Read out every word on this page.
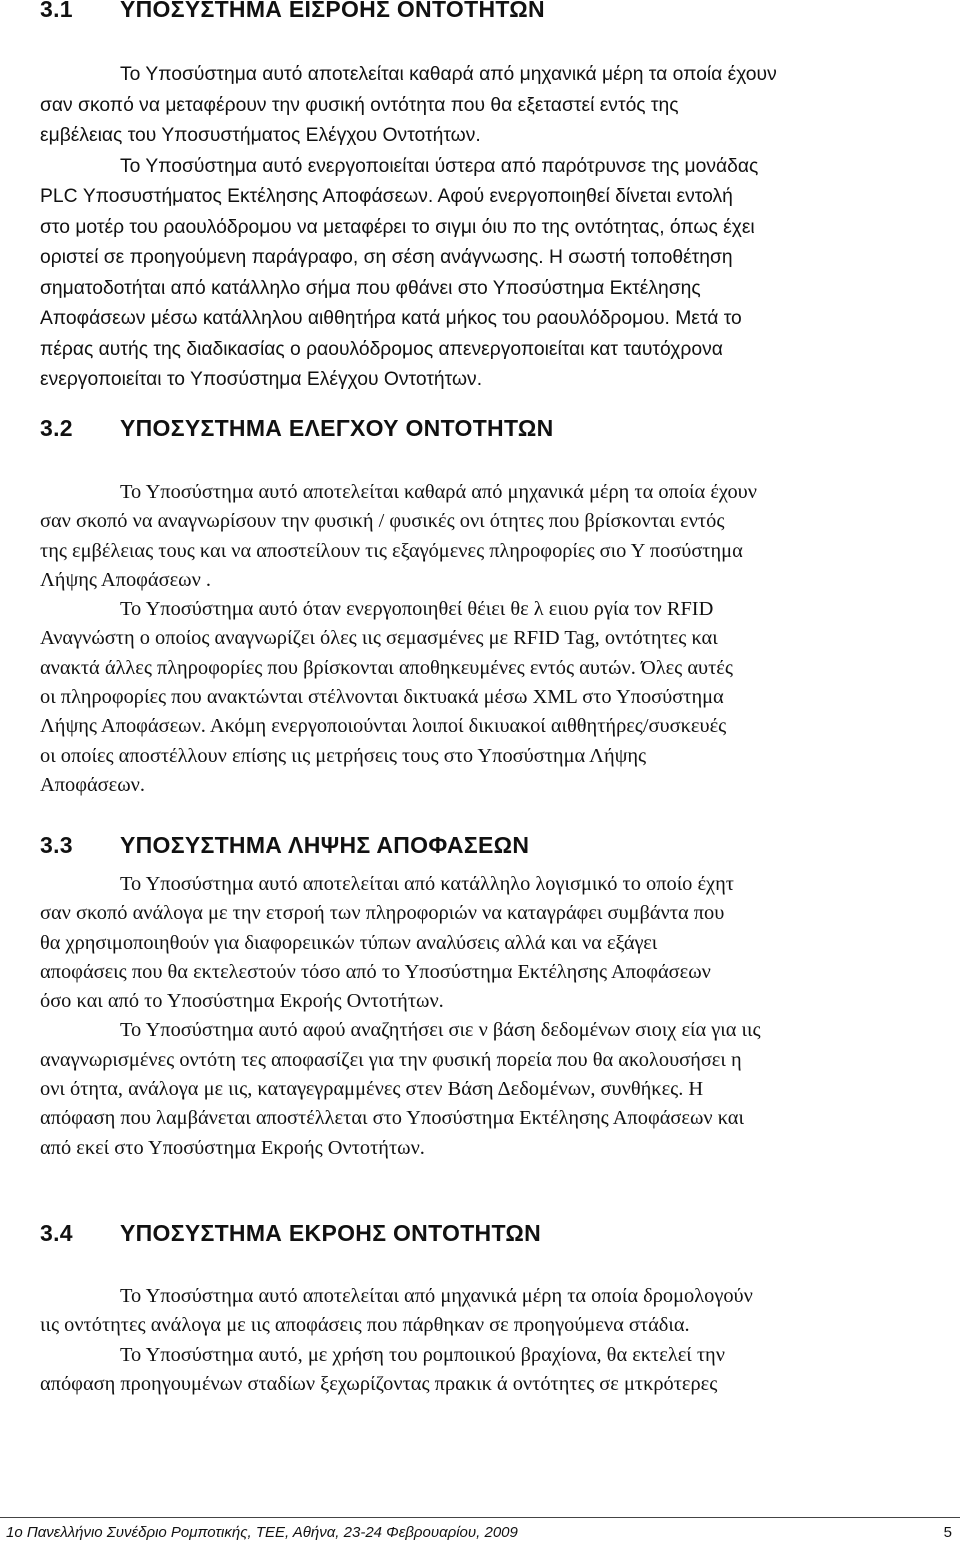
3.1 ΥΠΟΣΥΣΤΗΜΑ ΕΙΣΡΟΗΣ ΟΝΤΟΤΗΤΩΝ
Το Υποσύστημα αυτό αποτελείται καθαρά από μηχανικά μέρη τα οποία έχουν
σαν σκοπό να μεταφέρουν την φυσική οντότητα που θα εξεταστεί εντός της
εμβέλειας του Υποσυστήματος Ελέγχου Οντοτήτων.
Το Υποσύστημα αυτό ενεργοποιείται ύστερα από παρότρυνσε της μονάδας
PLC Υποσυστήματος Εκτέλησης Αποφάσεων. Αφού ενεργοποιηθεί δίνεται εντολή
στο μοτέρ του ραουλόδρομου να μεταφέρει το σιγμι όιυ πο της οντότητας, όπως έχει
οριστεί σε προηγούμενη παράγραφο, ση σέση ανάγνωσης. Η σωστή τοποθέτηση
σηματοδοτήται από κατάλληλο σήμα που φθάνει στο Υποσύστημα Εκτέλησης
Αποφάσεων μέσω κατάλληλου αιθθητήρα κατά μήκος του ραουλόδρομου. Μετά το
πέρας αυτής της διαδικασίας ο ραουλόδρομος απενεργοποιείται κατ ταυτόχρονα
ενεργοποιείται το Υποσύστημα Ελέγχου Οντοτήτων.
3.2 ΥΠΟΣΥΣΤΗΜΑ ΕΛΕΓΧΟΥ ΟΝΤΟΤΗΤΩΝ
Το Υποσύστημα αυτό αποτελείται καθαρά από μηχανικά μέρη τα οποία έχουν
σαν σκοπό να αναγνωρίσουν την φυσική / φυσικές ονι ότητες που βρίσκονται εντός
της εμβέλειας τους και να αποστείλουν τις εξαγόμενες πληροφορίες σιο Υ ποσύστημα
Λήψης Αποφάσεων .
Το Υποσύστημα αυτό όταν ενεργοποιηθεί θέιει θε λ ειιου ργία τον RFID
Αναγνώστη ο οποίος αναγνωρίζει όλες ιις σεμασμένες με RFID Tag, οντότητες και
ανακτά άλλες πληροφορίες που βρίσκονται αποθηκευμένες εντός αυτών. Όλες αυτές
οι πληροφορίες που ανακτώνται στέλνονται δικτυακά μέσω XML στο Υποσύστημα
Λήψης Αποφάσεων. Ακόμη ενεργοποιούνται λοιποί δικιυακοί αιθθητήρες/συσκευές
οι οποίες αποστέλλουν επίσης ιις μετρήσεις τους στο Υποσύστημα Λήψης
Αποφάσεων.
3.3 ΥΠΟΣΥΣΤΗΜΑ ΛΗΨΗΣ ΑΠΟΦΑΣΕΩΝ
Το Υποσύστημα αυτό αποτελείται από κατάλληλο λογισμικό το οποίο έχητ
σαν σκοπό ανάλογα με την ετσροή των πληροφοριών να καταγράφει συμβάντα που
θα χρησιμοποιηθούν για διαφορειικών τύπων αναλύσεις αλλά και να εξάγει
αποφάσεις που θα εκτελεστούν τόσο από το Υποσύστημα Εκτέλησης Αποφάσεων
όσο και από το Υποσύστημα Εκροής Οντοτήτων.
Το Υποσύστημα αυτό αφού αναζητήσει σιε ν βάση δεδομένων σιοιχ εία για ιις
αναγνωρισμένες οντότη τες αποφασίζει για την φυσική πορεία που θα ακολουσήσει η
ονι ότητα, ανάλογα με ιις, καταγεγραμμένες στεν Βάση Δεδομένων, συνθήκες. Η
απόφαση που λαμβάνεται αποστέλλεται στο Υποσύστημα Εκτέλησης Αποφάσεων και
από εκεί στο Υποσύστημα Εκροής Οντοτήτων.
3.4 ΥΠΟΣΥΣΤΗΜΑ ΕΚΡΟΗΣ ΟΝΤΟΤΗΤΩΝ
Το Υποσύστημα αυτό αποτελείται από μηχανικά μέρη τα οποία δρομολογούν
ιις οντότητες ανάλογα με ιις αποφάσεις που πάρθηκαν σε προηγούμενα στάδια.
Το Υποσύστημα αυτό, με χρήση του ρομποιικού βραχίονα, θα εκτελεί την
απόφαση προηγουμένων σταδίων ξεχωρίζοντας πρακικ ά οντότητες σε μτκρότερες
1ο Πανελλήνιο Συνέδριο Ρομποτικής, ΤΕΕ, Αθήνα, 23-24 Φεβρουαρίου, 2009	5
